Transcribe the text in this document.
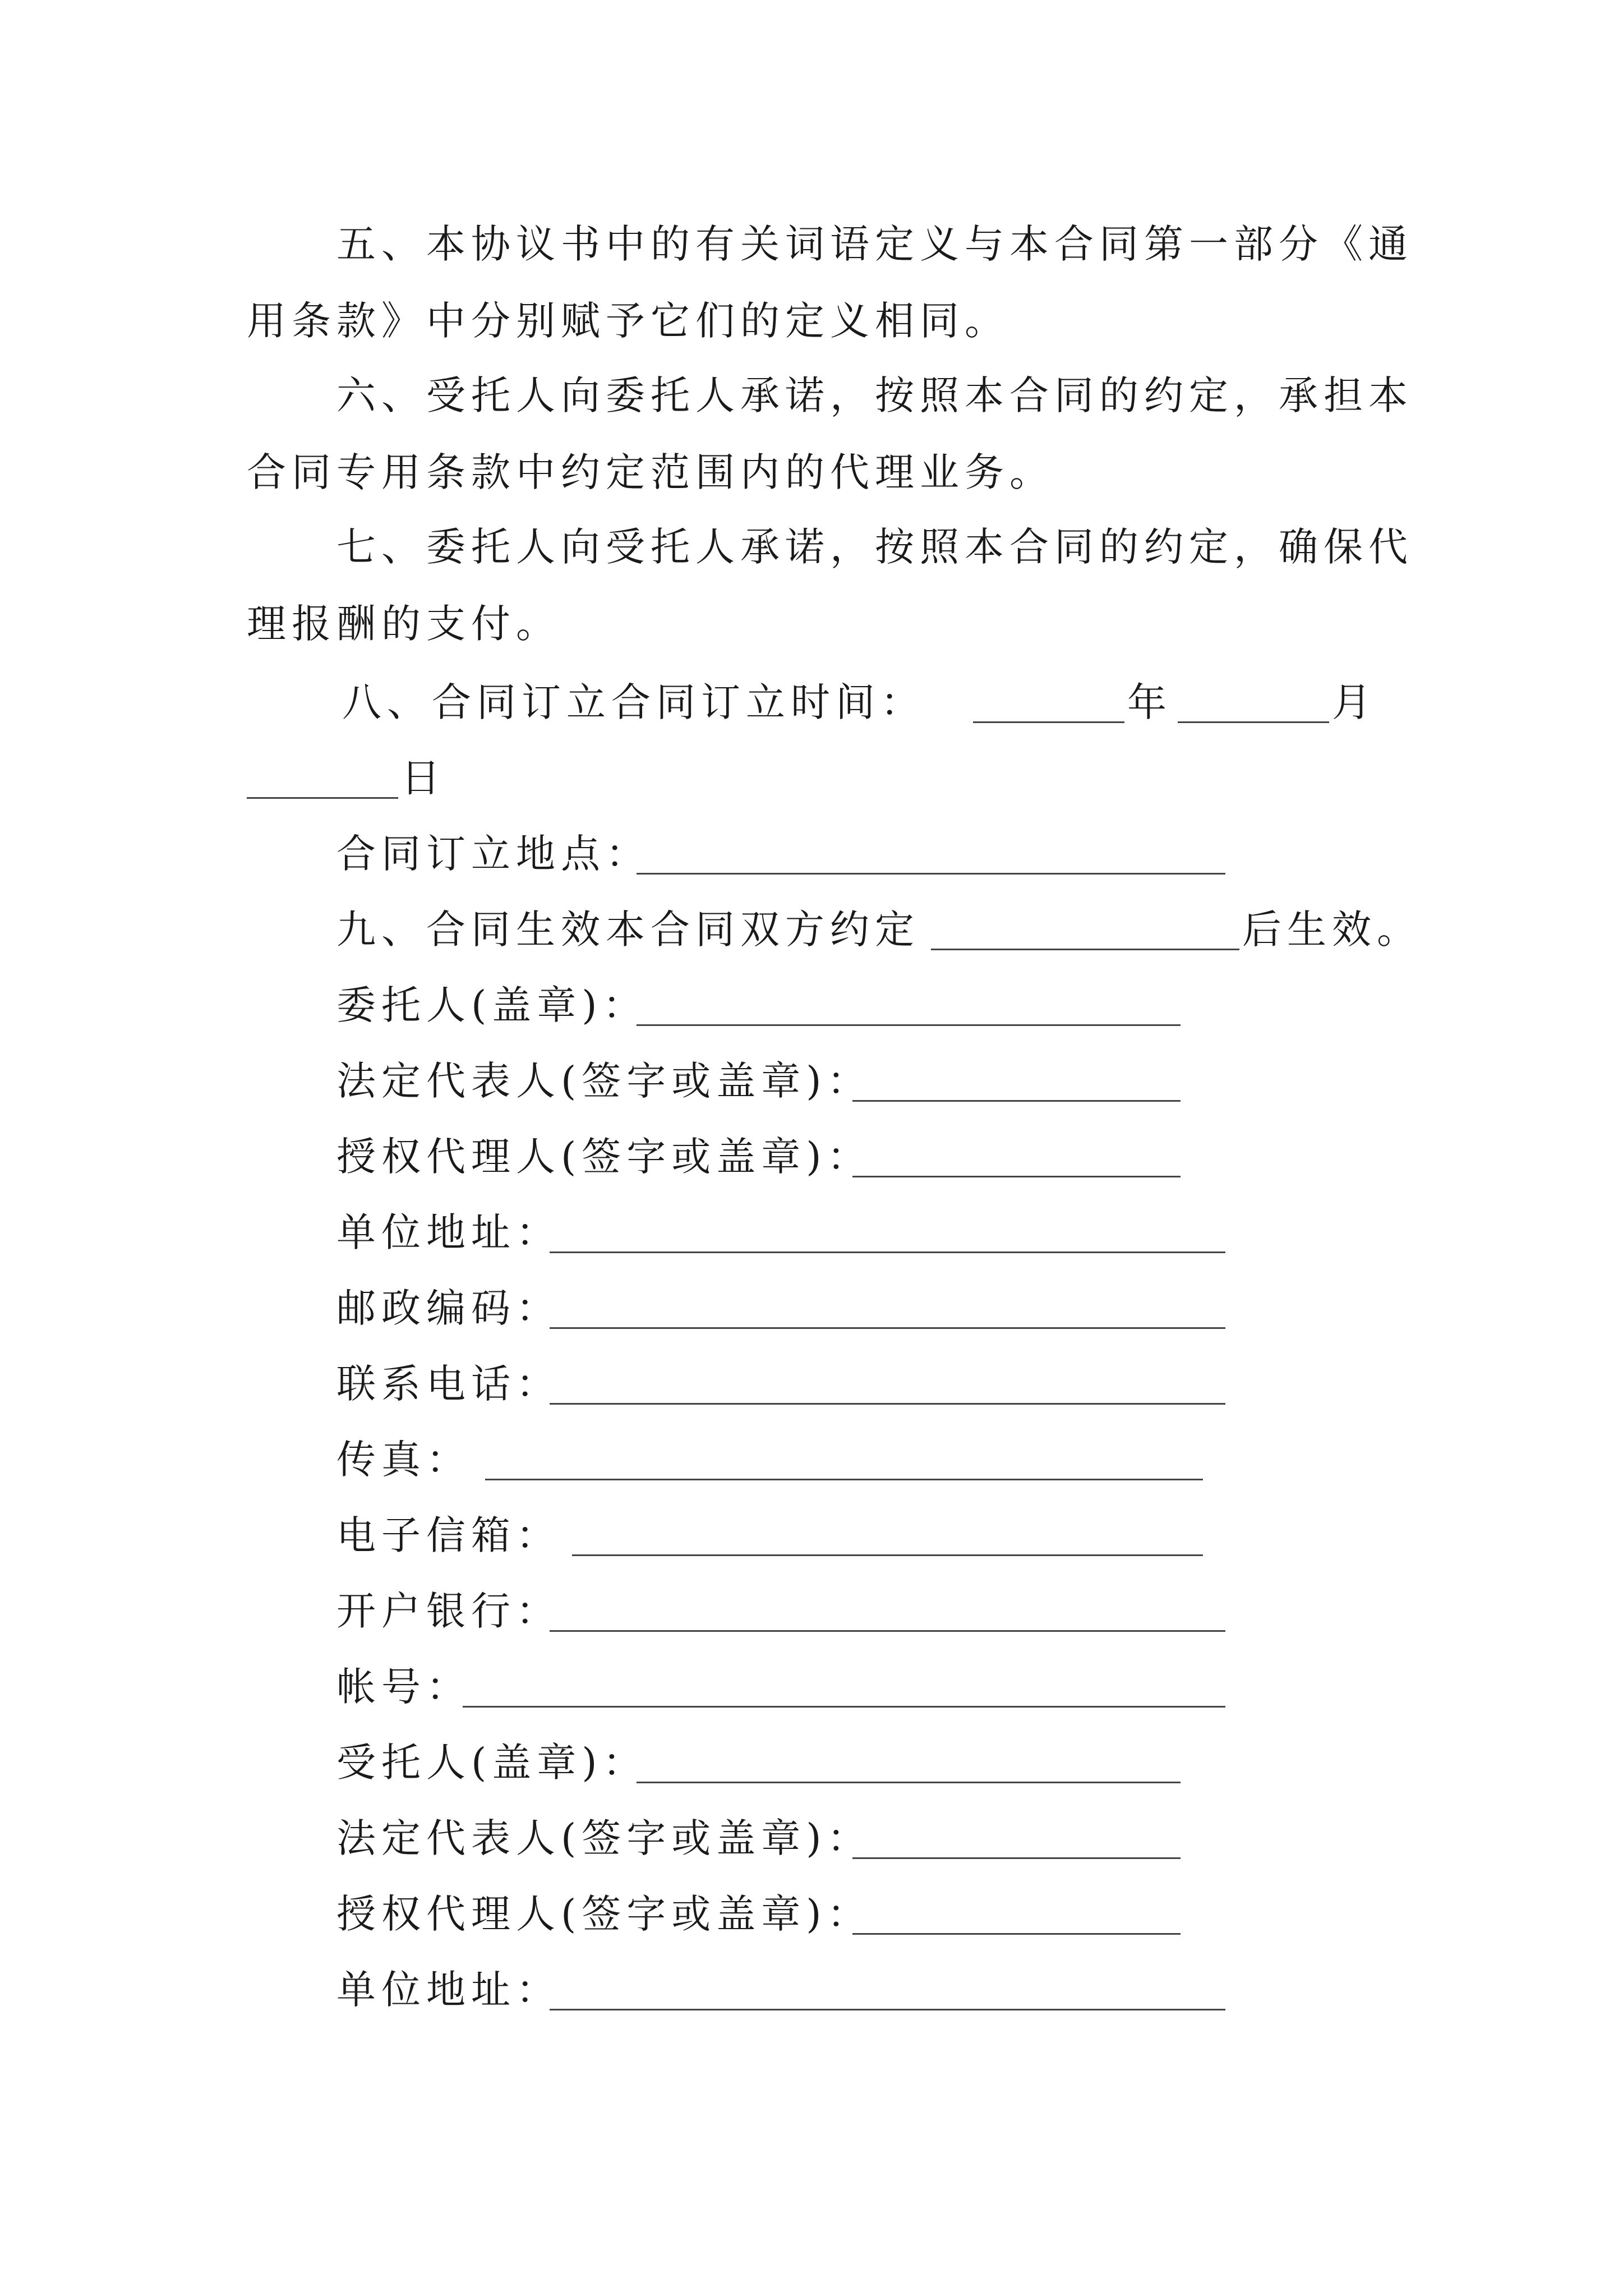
五、本协议书中的有关词语定义与本合同第一部分《通
用条款》中分别赋予它们的定义相同。
六、受托人向委托人承诺，按照本合同的约定，承担本
合同专用条款中约定范围内的代理业务。
七、委托人向受托人承诺，按照本合同的约定，确保代
理报酬的支付。
八、合同订立合同订立时间：	年	月
日
合同订立地点：
九、合同生效本合同双方约定	后生效。
委托人(盖章)：
法定代表人(签字或盖章)：
授权代理人(签字或盖章)：
单位地址：
邮政编码：
联系电话：
传真：
电子信箱：
开户银行：
帐号：
受托人(盖章)：
法定代表人(签字或盖章)：
授权代理人(签字或盖章)：
单位地址：
